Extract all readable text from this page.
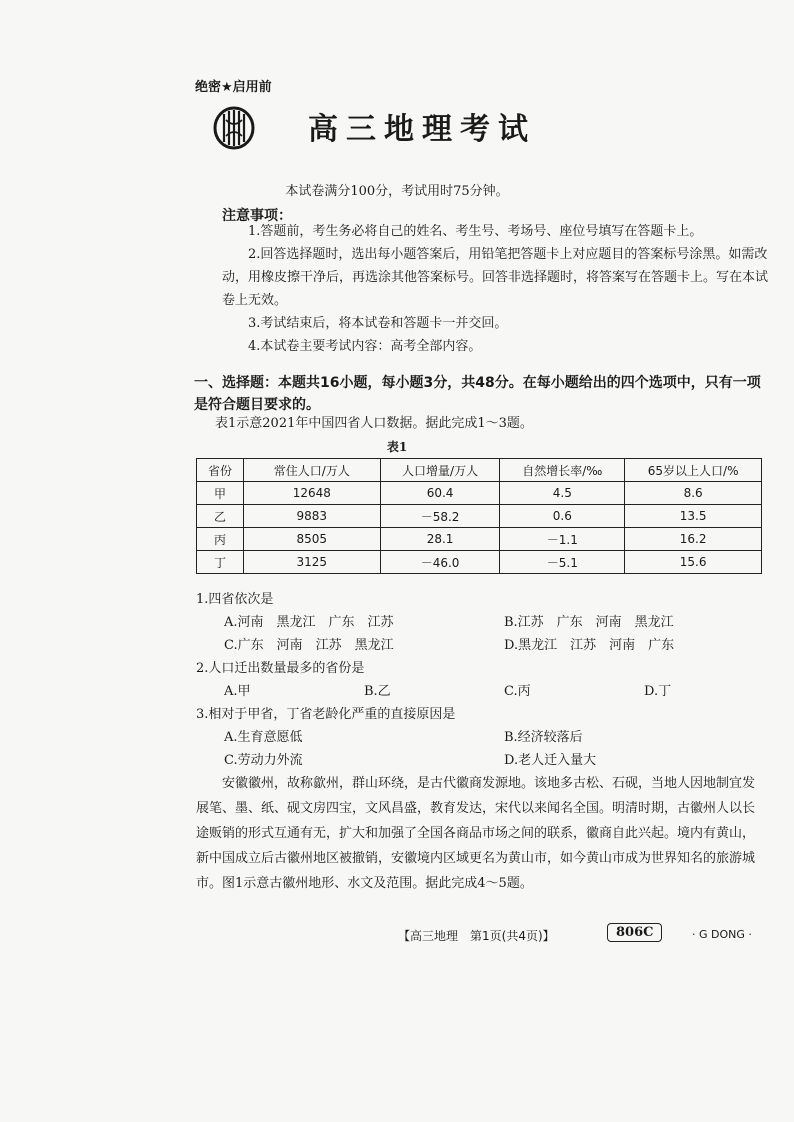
绝密★启用前
高三地理考试
本试卷满分100分，考试用时75分钟。
注意事项：

1.答题前，考生务必将自己的姓名、考生号、考场号、座位号填写在答题卡上。

2.回答选择题时，选出每小题答案后，用铅笔把答题卡上对应题目的答案标号涂黑。如需改动，用橡皮擦干净后，再选涂其他答案标号。回答非选择题时，将答案写在答题卡上。写在本试卷上无效。

3.考试结束后，将本试卷和答题卡一并交回。

4.本试卷主要考试内容：高考全部内容。

一、选择题：本题共16小题，每小题3分，共48分。在每小题给出的四个选项中，只有一项是符合题目要求的。
表1示意2021年中国四省人口数据。据此完成1～3题。
表1
省份	常住人口/万人	人口增量/万人	自然增长率/‰	65岁以上人口/%
甲	12648	60.4	4.5	8.6
乙	9883	－58.2	0.6	13.5
丙	8505	28.1	－1.1	16.2
丁	3125	－46.0	－5.1	15.6
1.四省依次是
A.河南　黑龙江　广东　江苏	B.江苏　广东　河南　黑龙江
C.广东　河南　江苏　黑龙江	D.黑龙江　江苏　河南　广东
2.人口迁出数量最多的省份是
A.甲	B.乙	C.丙	D.丁
3.相对于甲省，丁省老龄化严重的直接原因是
A.生育意愿低	B.经济较落后
C.劳动力外流	D.老人迁入量大

安徽徽州，故称歙州，群山环绕，是古代徽商发源地。该地多古松、石砚，当地人因地制宜发展笔、墨、纸、砚文房四宝，文风昌盛，教育发达，宋代以来闻名全国。明清时期，古徽州人以长途贩销的形式互通有无，扩大和加强了全国各商品市场之间的联系，徽商自此兴起。境内有黄山，新中国成立后古徽州地区被撤销，安徽境内区域更名为黄山市，如今黄山市成为世界知名的旅游城市。图1示意古徽州地形、水文及范围。据此完成4～5题。

【高三地理　第1页(共4页)】	806C	· G DONG ·
